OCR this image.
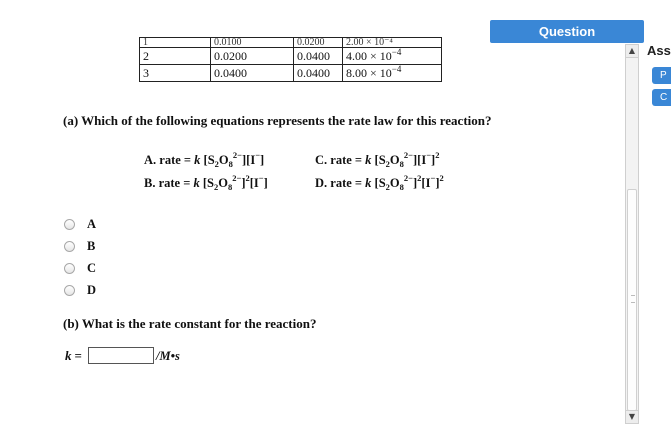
Question
Ass
P
C
▲
▼
1	0.0100	0.0200	2.00 × 10⁻⁴
2	0.0200	0.0400	$4.00 \times 10^{-4}$
3	0.0400	0.0400	$8.00 \times 10^{-4}$
(a) Which of the following equations represents the rate law for this reaction?
A. rate = k $[S_2O_8^{2-}][I^-]$
B. rate = k $[S_2O_8^{2-}]^2[I^-]$
C. rate = k $[S_2O_8^{2-}][I^-]^2$
D. rate = k $[S_2O_8^{2-}]^2[I^-]^2$
A
B
C
D
(b) What is the rate constant for the reaction?
k =	/M•s
